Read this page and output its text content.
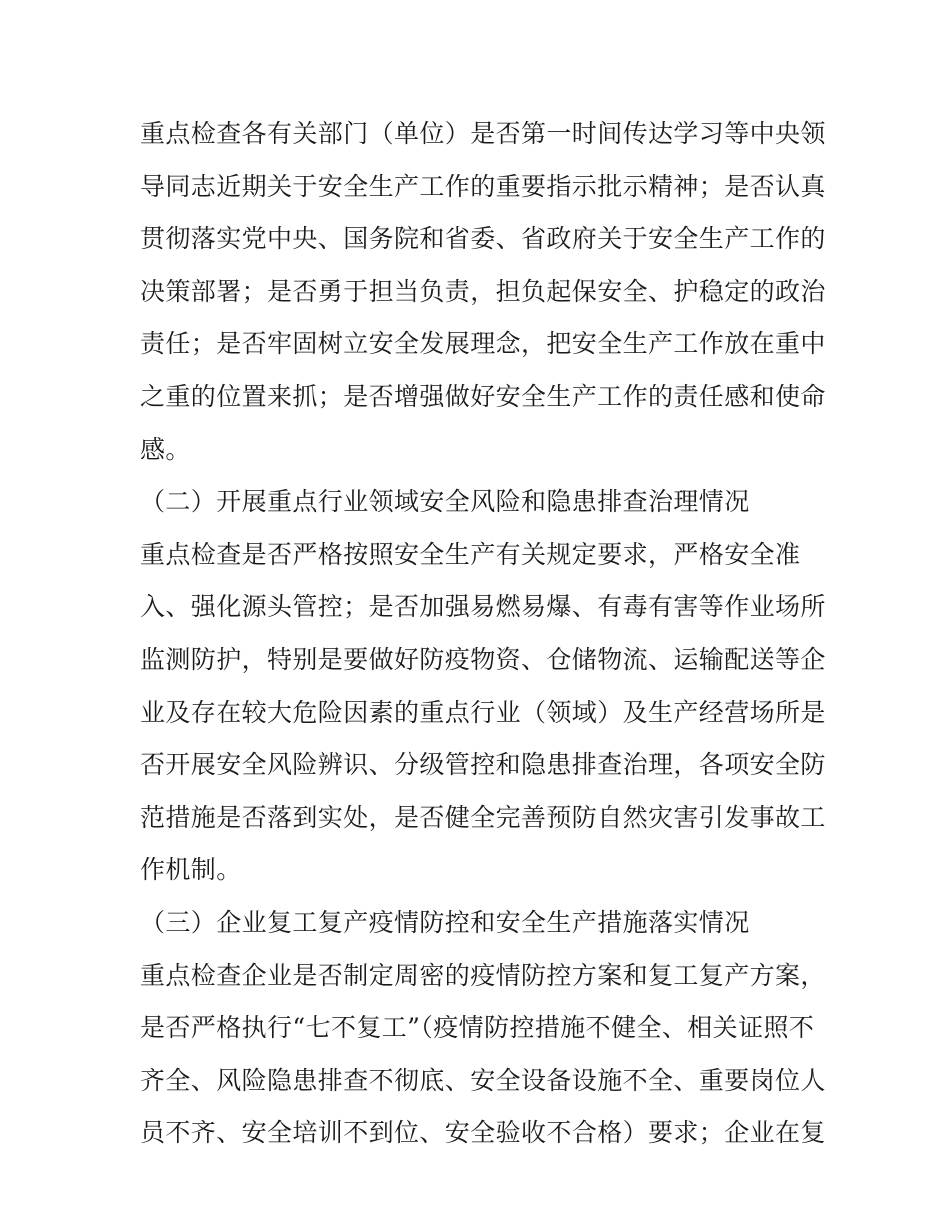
重点检查各有关部门（单位）是否第一时间传达学习等中央领
导同志近期关于安全生产工作的重要指示批示精神；是否认真
贯彻落实党中央、国务院和省委、省政府关于安全生产工作的
决策部署；是否勇于担当负责，担负起保安全、护稳定的政治
责任；是否牢固树立安全发展理念，把安全生产工作放在重中
之重的位置来抓；是否增强做好安全生产工作的责任感和使命
感。
（二）开展重点行业领域安全风险和隐患排查治理情况
重点检查是否严格按照安全生产有关规定要求，严格安全准
入、强化源头管控；是否加强易燃易爆、有毒有害等作业场所
监测防护，特别是要做好防疫物资、仓储物流、运输配送等企
业及存在较大危险因素的重点行业（领域）及生产经营场所是
否开展安全风险辨识、分级管控和隐患排查治理，各项安全防
范措施是否落到实处，是否健全完善预防自然灾害引发事故工
作机制。
（三）企业复工复产疫情防控和安全生产措施落实情况
重点检查企业是否制定周密的疫情防控方案和复工复产方案，
是否严格执行“七不复工”（疫情防控措施不健全、相关证照不
齐全、风险隐患排查不彻底、安全设备设施不全、重要岗位人
员不齐、安全培训不到位、安全验收不合格）要求；企业在复
